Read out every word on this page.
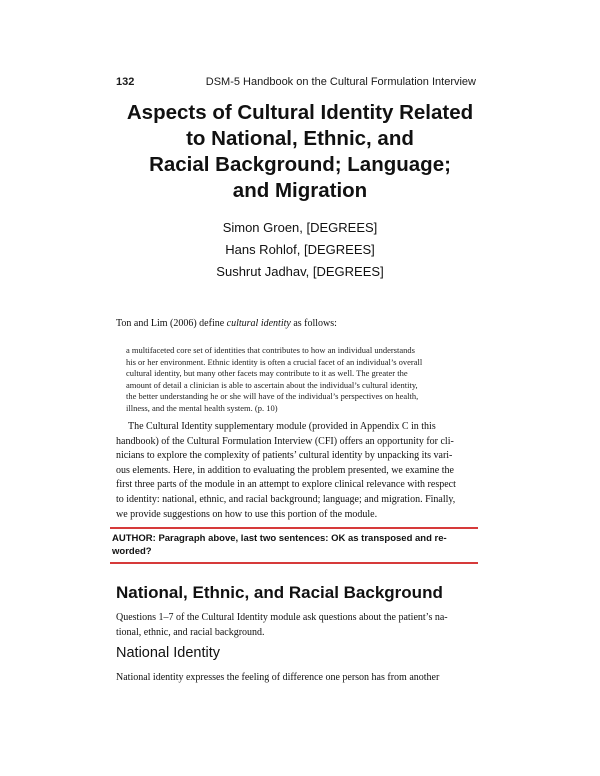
132	DSM-5 Handbook on the Cultural Formulation Interview
Aspects of Cultural Identity Related
to National, Ethnic, and
Racial Background; Language;
and Migration
Simon Groen, [DEGREES]
Hans Rohlof, [DEGREES]
Sushrut Jadhav, [DEGREES]
Ton and Lim (2006) define cultural identity as follows:
a multifaceted core set of identities that contributes to how an individual understands
his or her environment. Ethnic identity is often a crucial facet of an individual’s overall
cultural identity, but many other facets may contribute to it as well. The greater the
amount of detail a clinician is able to ascertain about the individual’s cultural identity,
the better understanding he or she will have of the individual’s perspectives on health,
illness, and the mental health system. (p. 10)
The Cultural Identity supplementary module (provided in Appendix C in this
handbook) of the Cultural Formulation Interview (CFI) offers an opportunity for cli-
nicians to explore the complexity of patients’ cultural identity by unpacking its vari-
ous elements. Here, in addition to evaluating the problem presented, we examine the
first three parts of the module in an attempt to explore clinical relevance with respect
to identity: national, ethnic, and racial background; language; and migration. Finally,
we provide suggestions on how to use this portion of the module.
AUTHOR: Paragraph above, last two sentences: OK as transposed and re-
worded?
National, Ethnic, and Racial Background
Questions 1–7 of the Cultural Identity module ask questions about the patient’s na-
tional, ethnic, and racial background.
National Identity
National identity expresses the feeling of difference one person has from another
